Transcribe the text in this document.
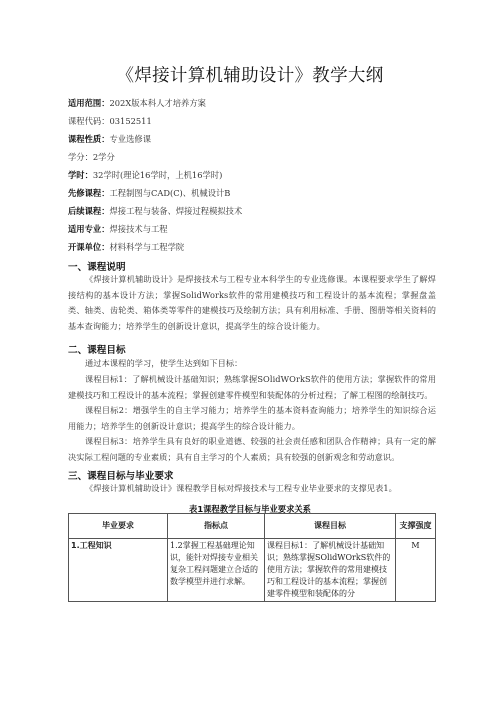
《焊接计算机辅助设计》教学大纲
适用范围：202X版本科人才培养方案
课程代码：03152511
课程性质：专业选修课
学分：2学分
学时：32学时(理论16学时，上机16学时)
先修课程：工程制图与CAD(C)、机械设计B
后续课程：焊接工程与装备、焊接过程模拟技术
适用专业：焊接技术与工程
开课单位：材料科学与工程学院
一、课程说明

《焊接计算机辅助设计》是焊接技术与工程专业本科学生的专业选修课。本课程要求学生了解焊接结构的基本设计方法；掌握SolidWorks软件的常用建模技巧和工程设计的基本流程；掌握盘盖类、轴类、齿轮类、箱体类等零件的建模技巧及绘制方法；具有利用标准、手册、图册等相关资料的基本查询能力；培养学生的创新设计意识，提高学生的综合设计能力。

二、课程目标

通过本课程的学习，使学生达到如下目标：

课程目标1：了解机械设计基础知识；熟练掌握SOlidWOrkS软件的使用方法；掌握软件的常用建模技巧和工程设计的基本流程；掌握创建零件模型和装配体的分析过程；了解工程图的绘制技巧。

课程目标2：增强学生的自主学习能力；培养学生的基本资料查询能力；培养学生的知识综合运用能力；培养学生的创新设计意识；提高学生的综合设计能力。

课程目标3：培养学生具有良好的职业道德、较强的社会责任感和团队合作精神；具有一定的解决实际工程问题的专业素质；具有自主学习的个人素质；具有较强的创新观念和劳动意识。

三、课程目标与毕业要求

《焊接计算机辅助设计》课程教学目标对焊接技术与工程专业毕业要求的支撑见表1。

表1课程教学目标与毕业要求关系
毕业要求	指标点	课程目标	支撑强度

1.工程知识	1.2掌握工程基础理论知识，能针对焊接专业相关复杂工程问题建立合适的数学模型并进行求解。	课程目标1：了解机械设计基础知识；熟练掌握SOlidWOrkS软件的使用方法；掌握软件的常用建模技巧和工程设计的基本流程；掌握创建零件模型和装配体的分	M
